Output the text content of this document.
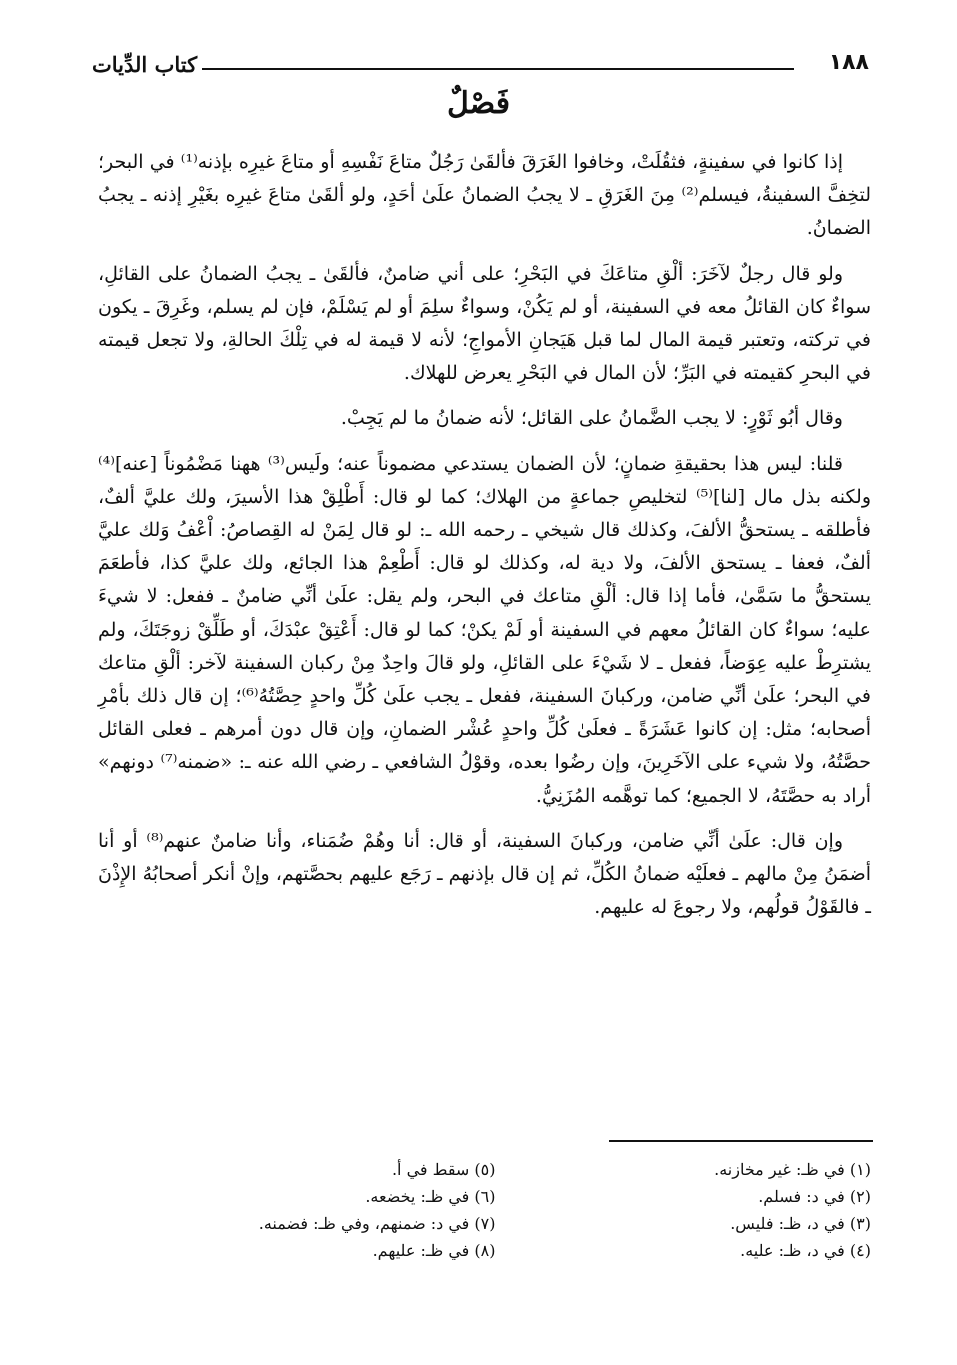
١٨٨
كتاب الدِّيات
فَصْلٌ

إذا كانوا في سفينةٍ، فثقُلَتْ، وخافوا الغَرَقَ فألقَىٰ رَجُلٌ متاعَ نَفْسِهِ أو متاعَ غيرِه بإذنه⁽¹⁾ في البحر؛ لتخِفَّ السفينةُ، فيسلم⁽²⁾ مِنَ الغَرَقِ ـ لا يجبُ الضمانُ علَىٰ أحَدٍ، ولو ألقَىٰ متاعَ غيرِه بغَيْرِ إذنه ـ يجبُ الضمانُ.

ولو قال رجلٌ لآخَرَ: ألْقِ متاعَكَ في البَحْرِ؛ على أني ضامنٌ، فألقَىٰ ـ يجبُ الضمانُ على القائلِ، سواءٌ كان القائلُ معه في السفينة، أو لم يَكُنْ، وسواءٌ سلِمَ أو لم يَسْلَمْ، فإن لم يسلم، وغَرِقَ ـ يكون في تركته، وتعتبر قيمة المال لما قبل هَيَجانِ الأمواجِ؛ لأنه لا قيمة له في تِلْكَ الحالةِ، ولا تجعل قيمته في البحرِ كقيمته في البَرِّ؛ لأن المال في البَحْرِ يعرض للهلاك.

وقال أبُو ثَوْرٍ: لا يجب الضَّمانُ على القائل؛ لأنه ضمانُ ما لم يَجِبْ.

قلنا: ليس هذا بحقيقةِ ضمانٍ؛ لأن الضمان يستدعي مضموناً عنه؛ ولَيس⁽³⁾ ههنا مَضْمُوناً [عنه]⁽⁴⁾ ولكنه بذل مال [لنا]⁽⁵⁾ لتخليصِ جماعةٍ من الهلاك؛ كما لو قال: أَطْلِقْ هذا الأسيرَ، ولك عليَّ ألفٌ، فأطلقه ـ يستحقُّ الألفَ، وكذلك قال شيخي ـ رحمه الله ـ: لو قال لِمَنْ له القِصاصُ: اْعْفُ وَلك عليَّ ألفٌ، فعفا ـ يستحق الألفَ، ولا دية له، وكذلك لو قال: أَطْعِمْ هذا الجائع، ولك عليَّ كذا، فأطعَمَ يستحقُّ ما سَمَّىٰ، فأما إذا قال: ألْقِ متاعك في البحر، ولم يقل: علَىٰ أنِّي ضامنٌ ـ ففعل: لا شيءَ عليه؛ سواءٌ كان القائلُ معهم في السفينة أو لَمْ يكنْ؛ كما لو قال: أَعْتِقْ عبْدَكَ، أو طَلِّقْ زوجَتَكَ، ولم يشترِطْ عليه عِوَضاً، ففعل ـ لا شَيْءَ على القائلِ، ولو قالَ واحِدٌ مِنْ ركبان السفينة لآخر: ألْقِ متاعك في البحر؛ علَىٰ أنِّي ضامن، وركبانَ السفينة، ففعل ـ يجب علَىٰ كُلِّ واحدٍ حِصَّتُهُ⁽⁶⁾؛ إن قال ذلك بأمْرِ أصحابه؛ مثل: إن كانوا عَشَرَةً ـ فعلَىٰ كُلِّ واحدٍ عُشْر الضمانِ، وإن قال دون أمرهم ـ فعلى القائل حصَّتُهُ، ولا شيء على الآخَرِينَ، وإن رضُوا بعده، وقوْلُ الشافعي ـ رضي الله عنه ـ: «ضمنه⁽⁷⁾ دونهم» أراد به حصَّتَهُ، لا الجميع؛ كما توهَّمه المُزَنِيُّ.

وإن قال: علَىٰ أنِّي ضامن، وركبانَ السفينة، أو قال: أنا وهُمْ ضُمَناء، وأنا ضامنٌ عنهم⁽⁸⁾ أو أنا أضمَنُ مِنْ مالهم ـ فعلَيْه ضمانُ الكُلِّ، ثم إن قال بإذنهم ـ رَجَع عليهم بحصَّتهم، وإنْ أنكر أصحابُهُ الإِذْنَ ـ فالقَوْلُ قولُهم، ولا رجوعَ له عليهم.

(١) في ظـ: غير مخازنه.
(٢) في د: فسلم.
(٣) في د، ظـ: فليس.
(٤) في د، ظـ: عليه.
(٥) سقط في أ.
(٦) في ظـ: يخضعه.
(٧) في د: ضمنهم، وفي ظـ: فضمنه.
(٨) في ظـ: عليهم.
